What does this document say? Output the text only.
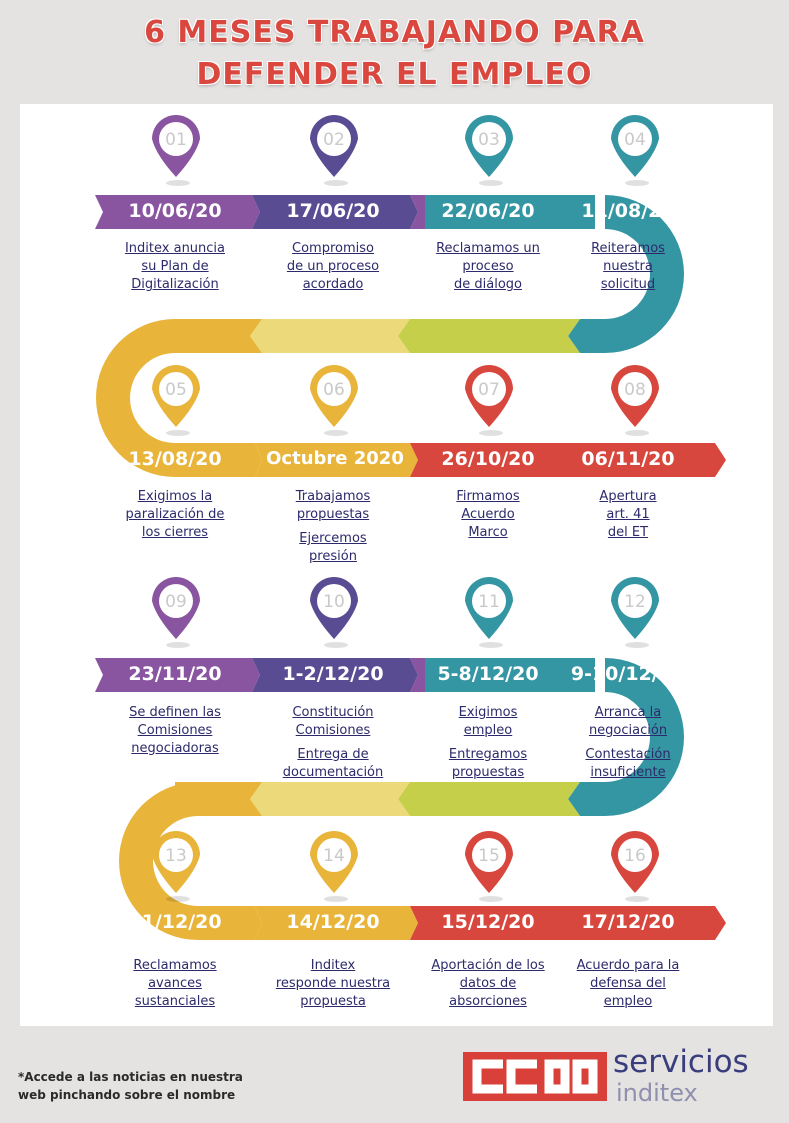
6 MESES TRABAJANDO PARA
DEFENDER EL EMPLEO
01	02	03	04
05	06	07	08
09	10	11	12
13	14	15	16
10/06/20
Inditex anuncia
su Plan de
Digitalización
17/06/20
Compromiso
de un proceso
acordado
22/06/20
Reclamamos un
proceso
de diálogo
11/08/20
Reiteramos
nuestra
solicitud
13/08/20
Exigimos la
paralización de
los cierres
Octubre 2020
Trabajamos
propuestas
Ejercemos
presión
26/10/20
Firmamos
Acuerdo
Marco
06/11/20
Apertura
art. 41
del ET
23/11/20
Se definen las
Comisiones
negociadoras
1-2/12/20
Constitución
Comisiones
Entrega de
documentación
5-8/12/20
Exigimos
empleo
Entregamos
propuestas
9-10/12/20
Arranca la
negociación
Contestación
insuficiente
11/12/20
Reclamamos
avances
sustanciales
14/12/20
Inditex
responde nuestra
propuesta
15/12/20
Aportación de los
datos de
absorciones
17/12/20
Acuerdo para la
defensa del
empleo
*Accede a las noticias en nuestra
web pinchando sobre el nombre
servicios
inditex
